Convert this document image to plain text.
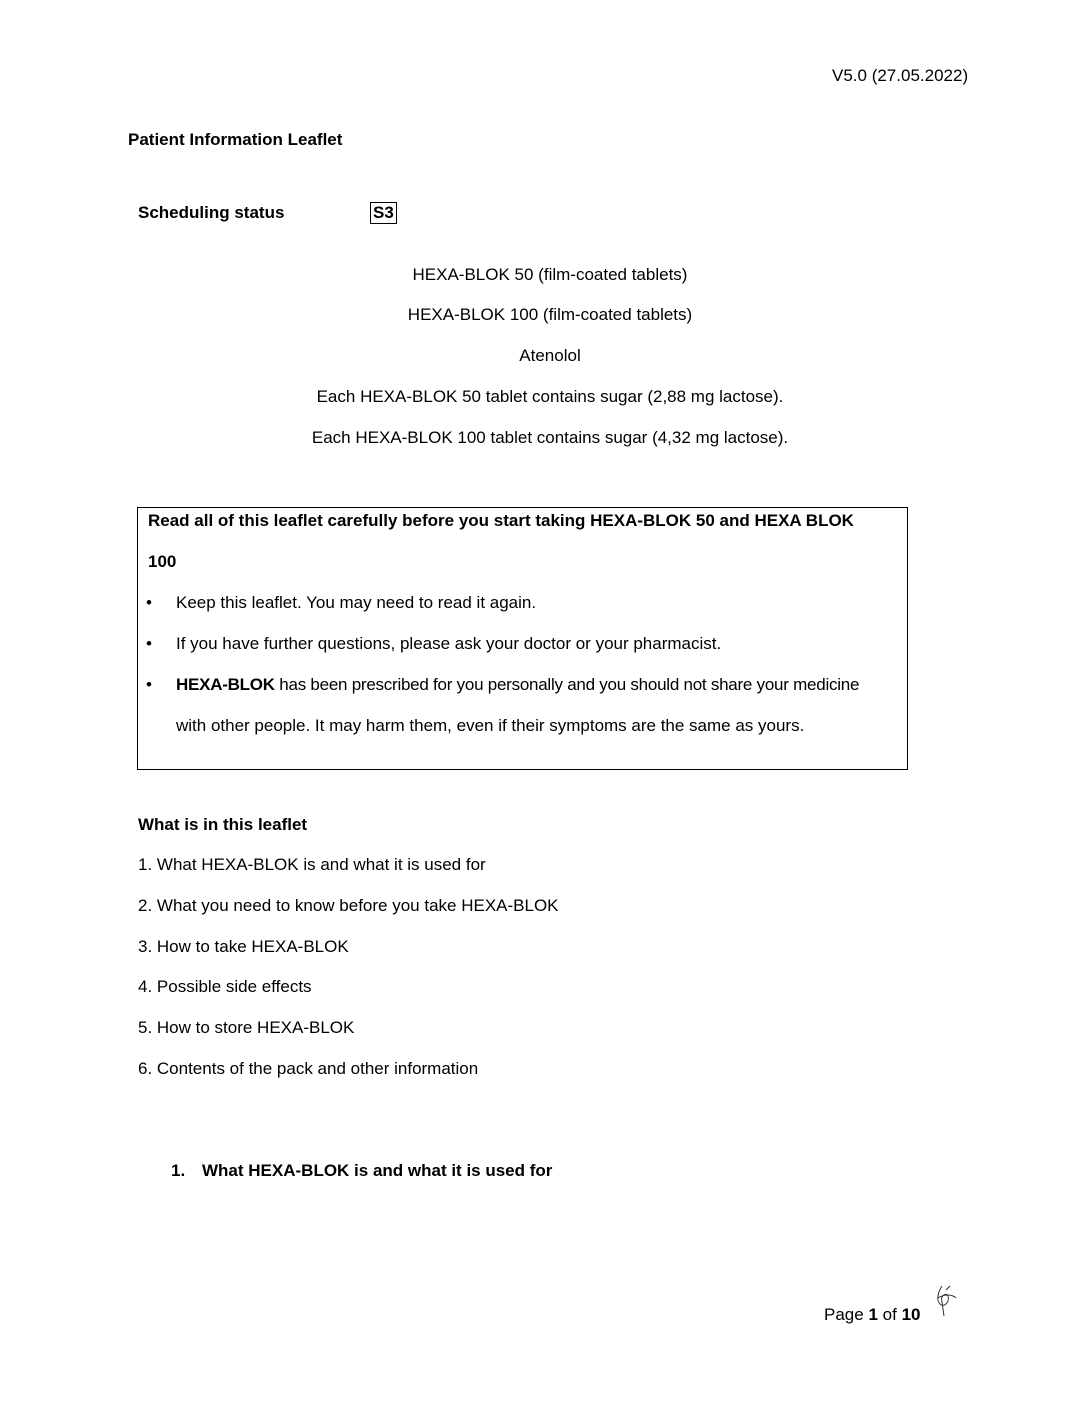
V5.0 (27.05.2022)
Patient Information Leaflet
Scheduling status	S3
HEXA-BLOK 50 (film-coated tablets)
HEXA-BLOK 100 (film-coated tablets)
Atenolol
Each HEXA-BLOK 50 tablet contains sugar (2,88 mg lactose).
Each HEXA-BLOK 100 tablet contains sugar (4,32 mg lactose).
Read all of this leaflet carefully before you start taking HEXA-BLOK 50 and HEXA BLOK
100
• Keep this leaflet. You may need to read it again.
• If you have further questions, please ask your doctor or your pharmacist.
• HEXA-BLOK has been prescribed for you personally and you should not share your medicine
with other people. It may harm them, even if their symptoms are the same as yours.
What is in this leaflet
1. What HEXA-BLOK is and what it is used for
2. What you need to know before you take HEXA-BLOK
3. How to take HEXA-BLOK
4. Possible side effects
5. How to store HEXA-BLOK
6. Contents of the pack and other information
1. What HEXA-BLOK is and what it is used for
Page 1 of 10
